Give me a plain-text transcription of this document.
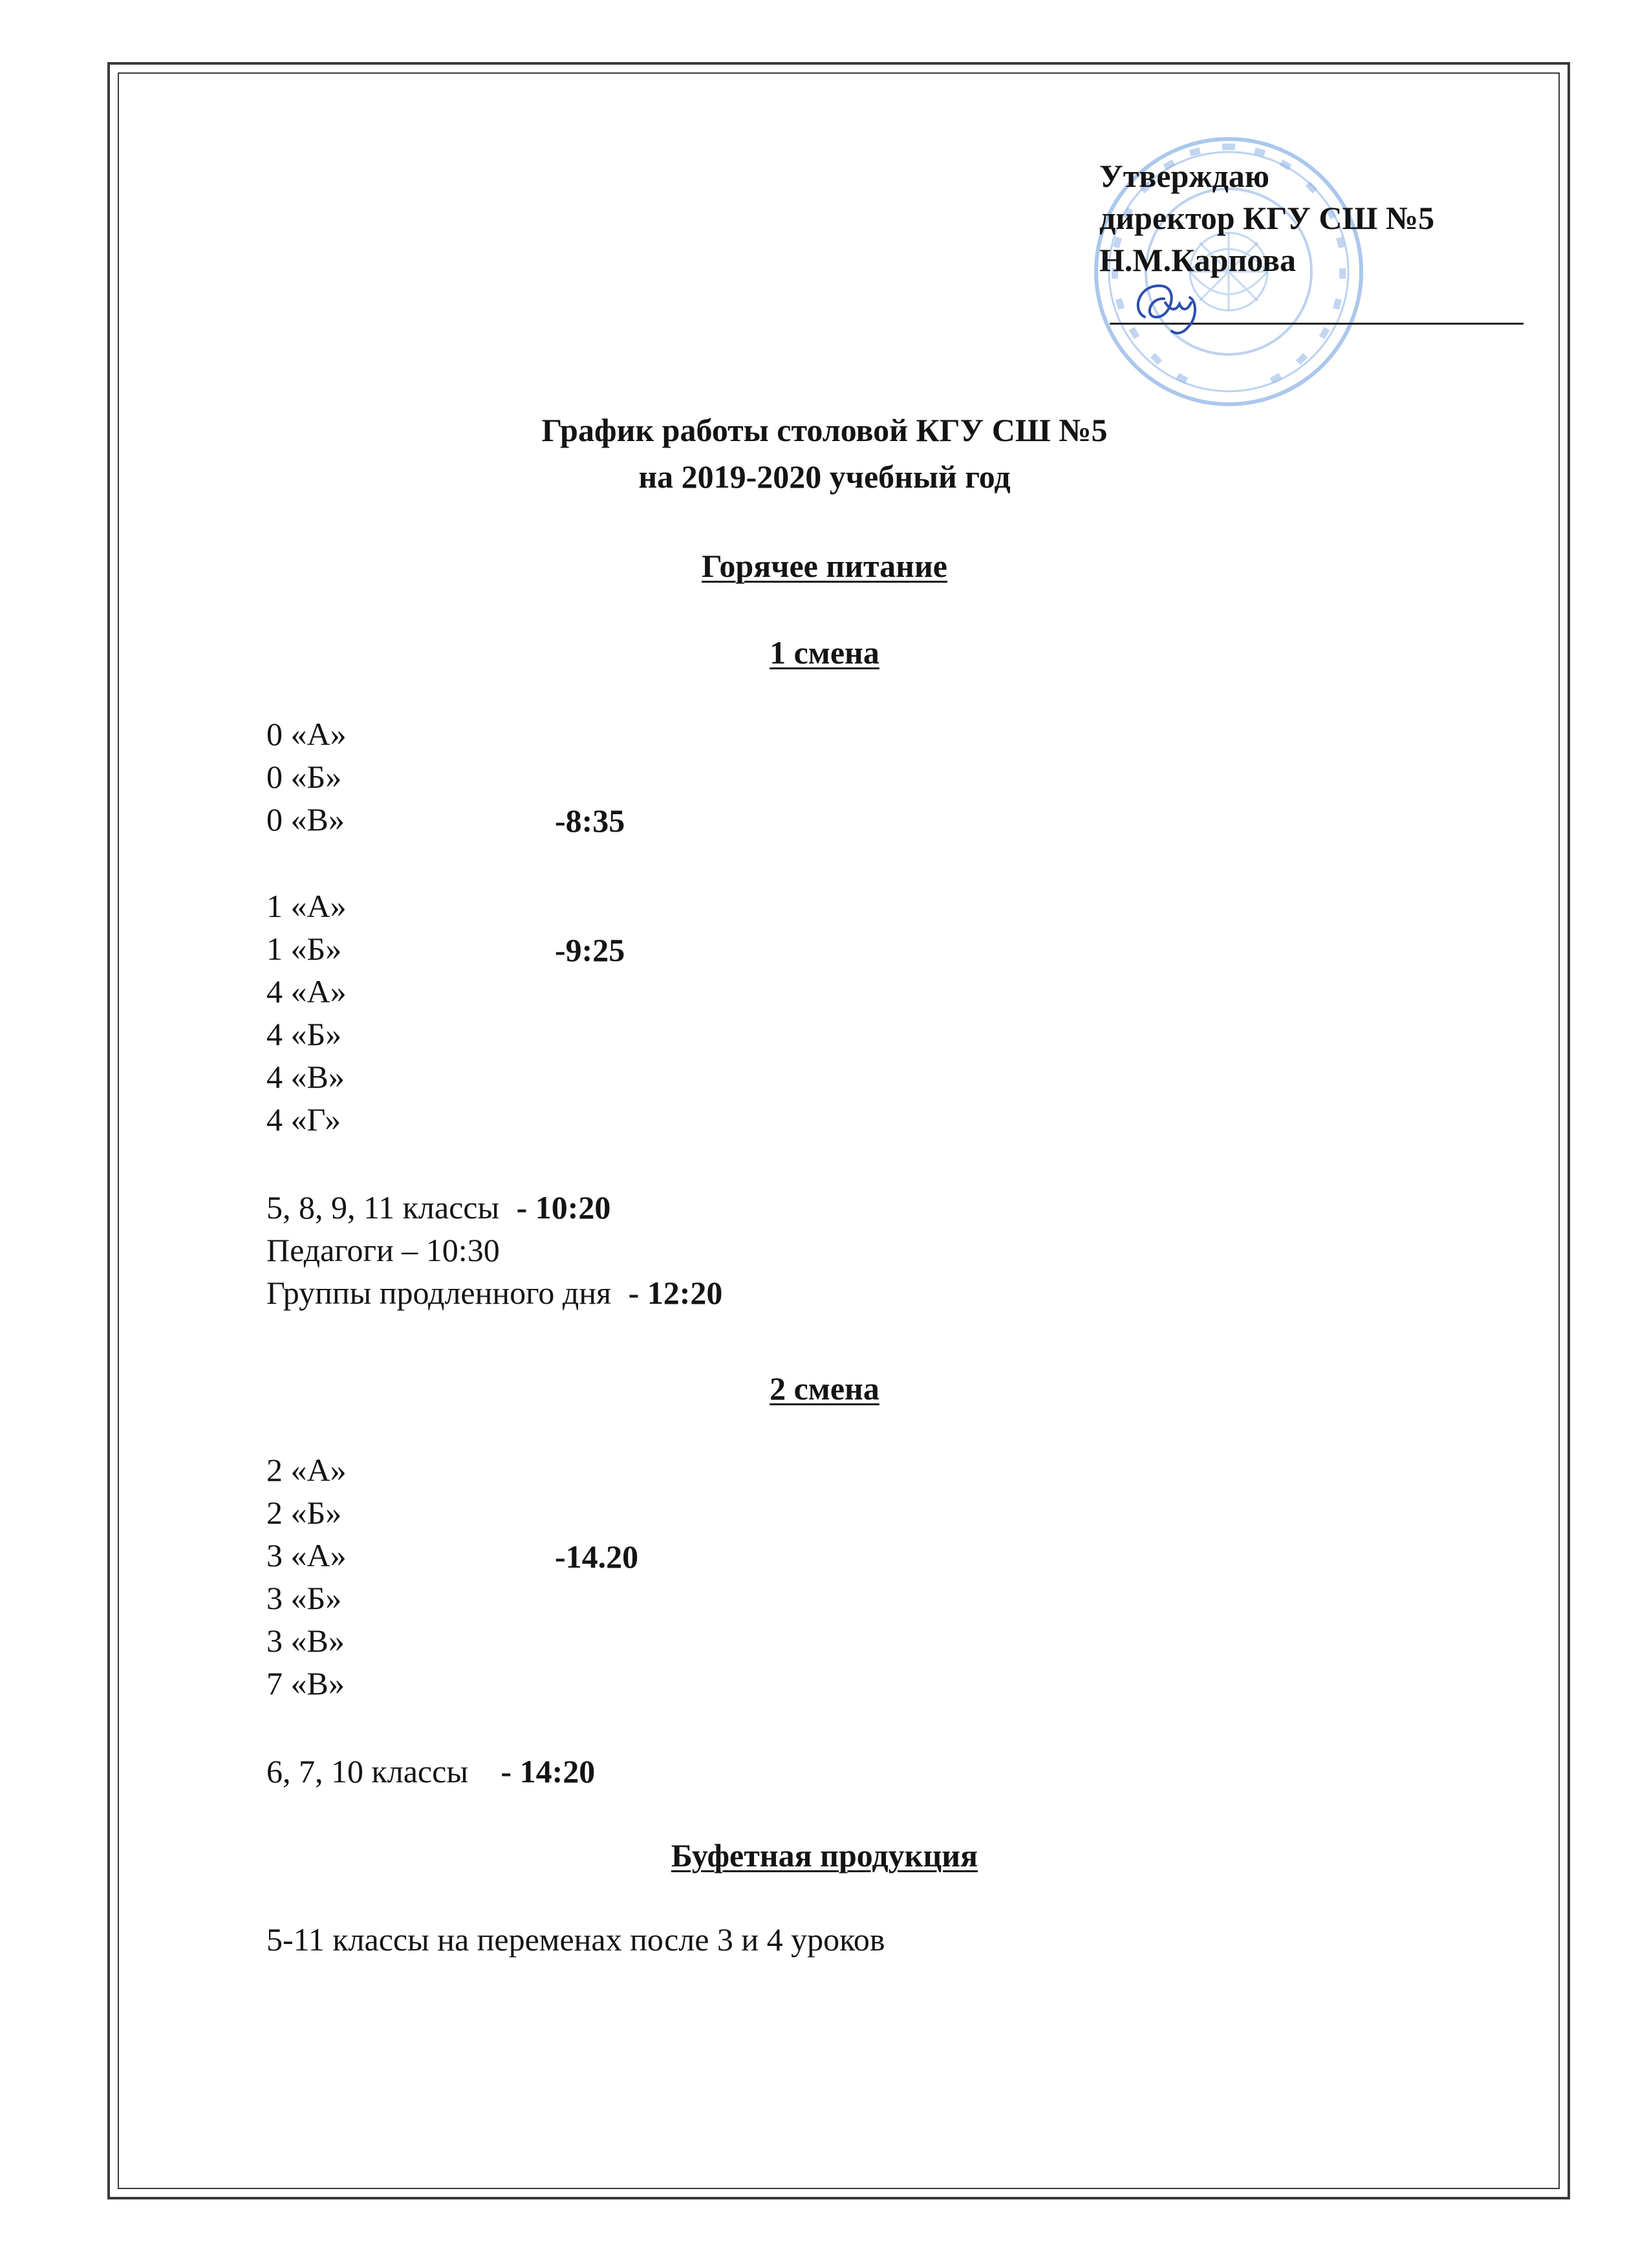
Утверждаю
директор КГУ СШ №5
Н.М.Карпова
График работы столовой КГУ СШ №5
на 2019-2020 учебный год
Горячее питание
1 смена
0 «А»
0 «Б»
0 «В»	-8:35
1 «А»
1 «Б»	-9:25
4 «А»
4 «Б»
4 «В»
4 «Г»
5, 8, 9, 11 классы - 10:20
Педагоги – 10:30
Группы продленного дня - 12:20
2 смена
2 «А»
2 «Б»
3 «А»	-14.20
3 «Б»
3 «В»
7 «В»
6, 7, 10 классы - 14:20
Буфетная продукция
5-11 классы на переменах после 3 и 4 уроков
